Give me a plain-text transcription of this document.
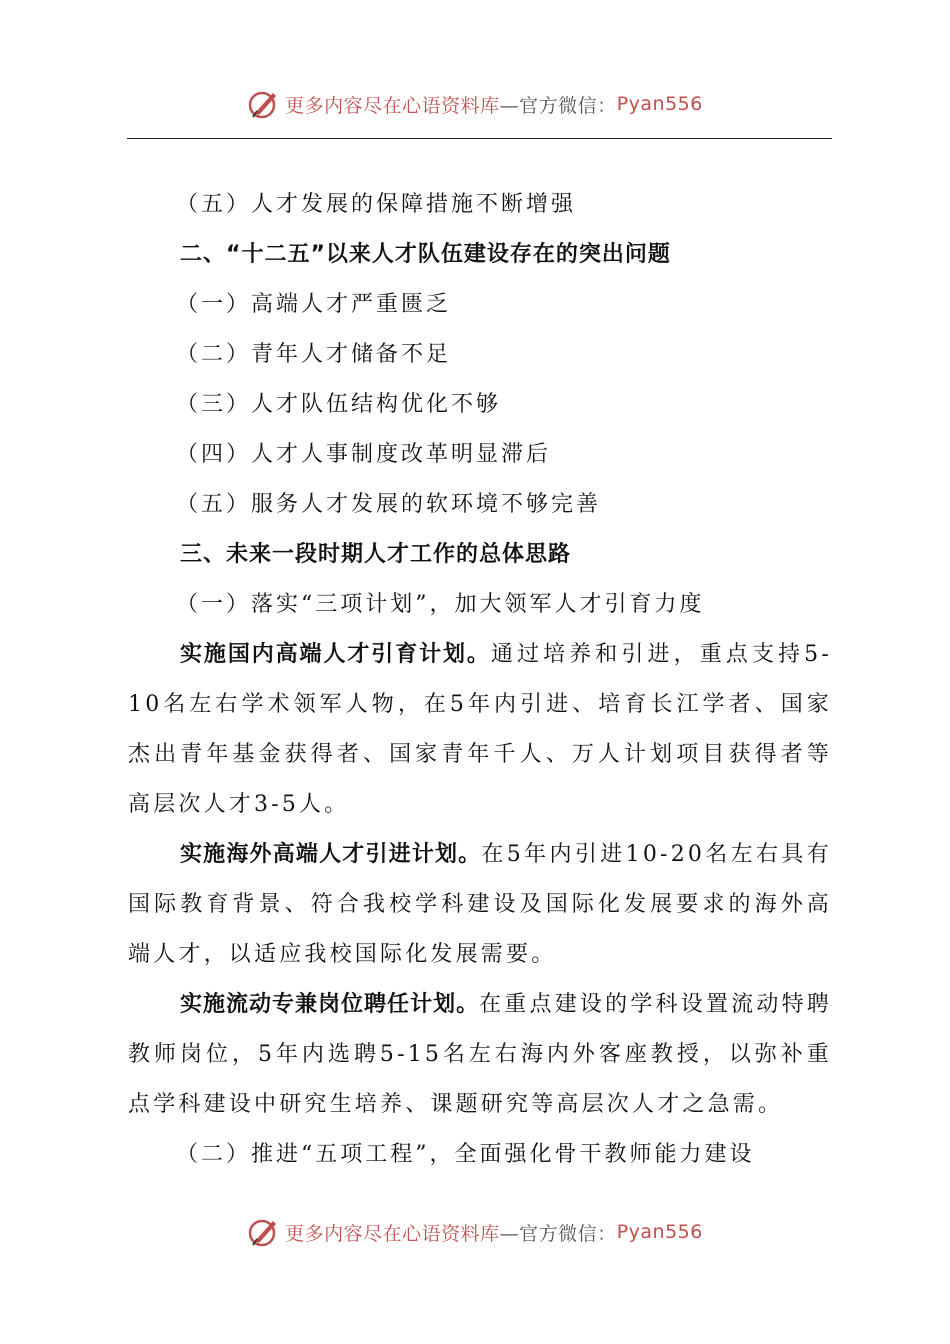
更多内容尽在心语资料库 —官方微信： Pyan556
（五）人才发展的保障措施不断增强
二、“十二五”以来人才队伍建设存在的突出问题
（一）高端人才严重匮乏
（二）青年人才储备不足
（三）人才队伍结构优化不够
（四）人才人事制度改革明显滞后
（五）服务人才发展的软环境不够完善
三、未来一段时期人才工作的总体思路
（一）落实“三项计划”，加大领军人才引育力度
实施国内高端人才引育计划。通过培养和引进，重点支持5-10名左右学术领军人物，在5年内引进、培育长江学者、国家杰出青年基金获得者、国家青年千人、万人计划项目获得者等高层次人才3-5人。
实施海外高端人才引进计划。在5年内引进10-20名左右具有国际教育背景、符合我校学科建设及国际化发展要求的海外高端人才，以适应我校国际化发展需要。
实施流动专兼岗位聘任计划。在重点建设的学科设置流动特聘教师岗位，5年内选聘5-15名左右海内外客座教授，以弥补重点学科建设中研究生培养、课题研究等高层次人才之急需。
（二）推进“五项工程”，全面强化骨干教师能力建设
更多内容尽在心语资料库 —官方微信： Pyan556
